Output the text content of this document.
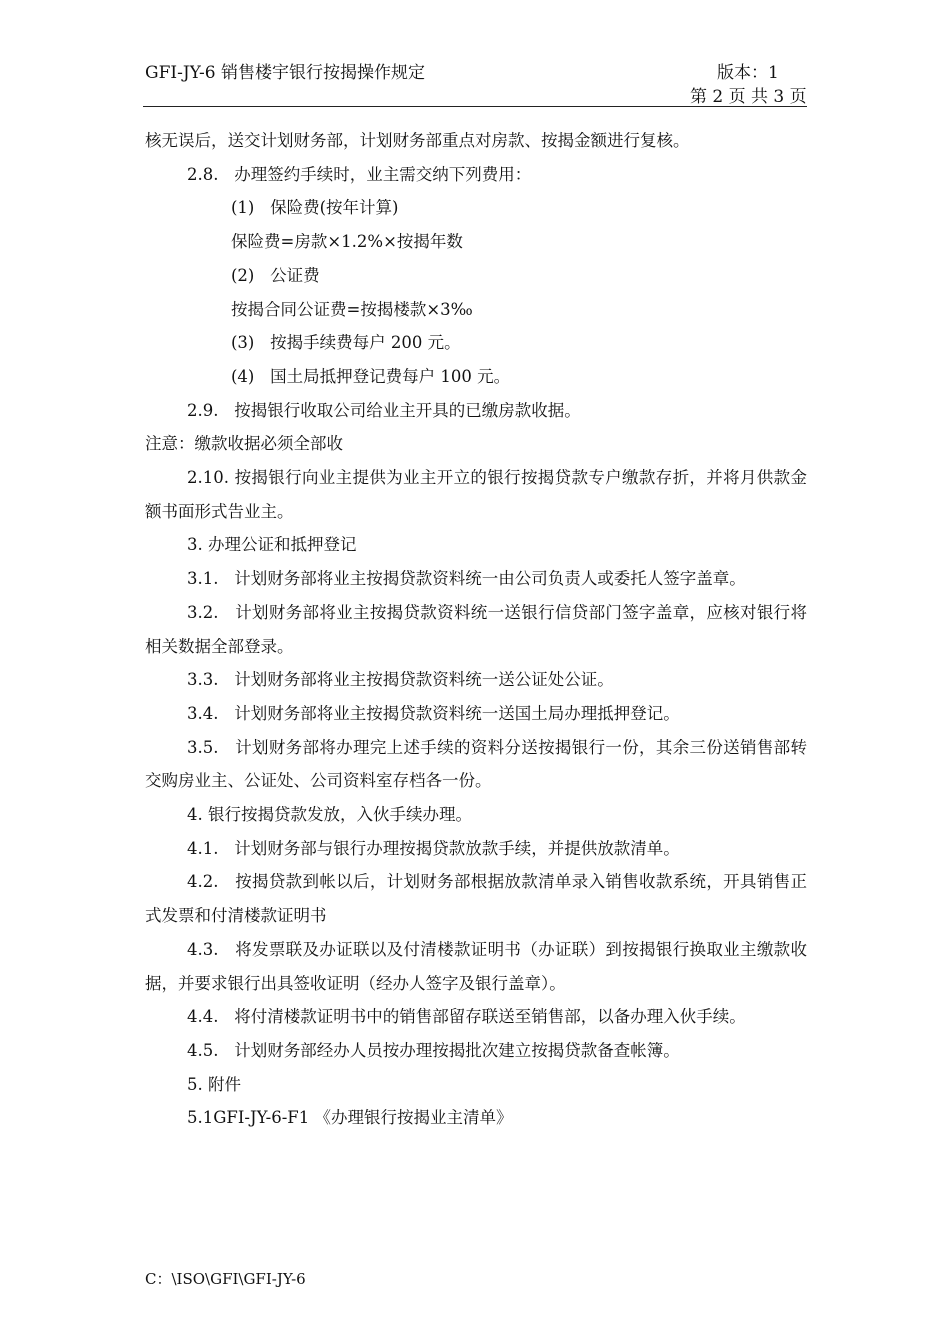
GFI-JY-6 销售楼宇银行按揭操作规定	版本：1
第 2 页 共 3 页

核无误后，送交计划财务部，计划财务部重点对房款、按揭金额进行复核。

2.8.   办理签约手续时，业主需交纳下列费用：

(1)   保险费(按年计算)

保险费=房款×1.2%×按揭年数

(2)   公证费

按揭合同公证费=按揭楼款×3‰

(3)   按揭手续费每户 200 元。

(4)   国土局抵押登记费每户 100 元。

2.9.   按揭银行收取公司给业主开具的已缴房款收据。

注意：缴款收据必须全部收

2.10. 按揭银行向业主提供为业主开立的银行按揭贷款专户缴款存折，并将月供款金额书面形式告业主。

3. 办理公证和抵押登记

3.1.   计划财务部将业主按揭贷款资料统一由公司负责人或委托人签字盖章。

3.2.   计划财务部将业主按揭贷款资料统一送银行信贷部门签字盖章，应核对银行将相关数据全部登录。

3.3.   计划财务部将业主按揭贷款资料统一送公证处公证。

3.4.   计划财务部将业主按揭贷款资料统一送国土局办理抵押登记。

3.5.   计划财务部将办理完上述手续的资料分送按揭银行一份，其余三份送销售部转交购房业主、公证处、公司资料室存档各一份。

4. 银行按揭贷款发放，入伙手续办理。

4.1.   计划财务部与银行办理按揭贷款放款手续，并提供放款清单。

4.2.   按揭贷款到帐以后，计划财务部根据放款清单录入销售收款系统，开具销售正式发票和付清楼款证明书

4.3.   将发票联及办证联以及付清楼款证明书（办证联）到按揭银行换取业主缴款收据，并要求银行出具签收证明（经办人签字及银行盖章）。

4.4.   将付清楼款证明书中的销售部留存联送至销售部，以备办理入伙手续。

4.5.   计划财务部经办人员按办理按揭批次建立按揭贷款备查帐簿。

5. 附件

5.1GFI-JY-6-F1 《办理银行按揭业主清单》

C：\ISO\GFI\GFI-JY-6
